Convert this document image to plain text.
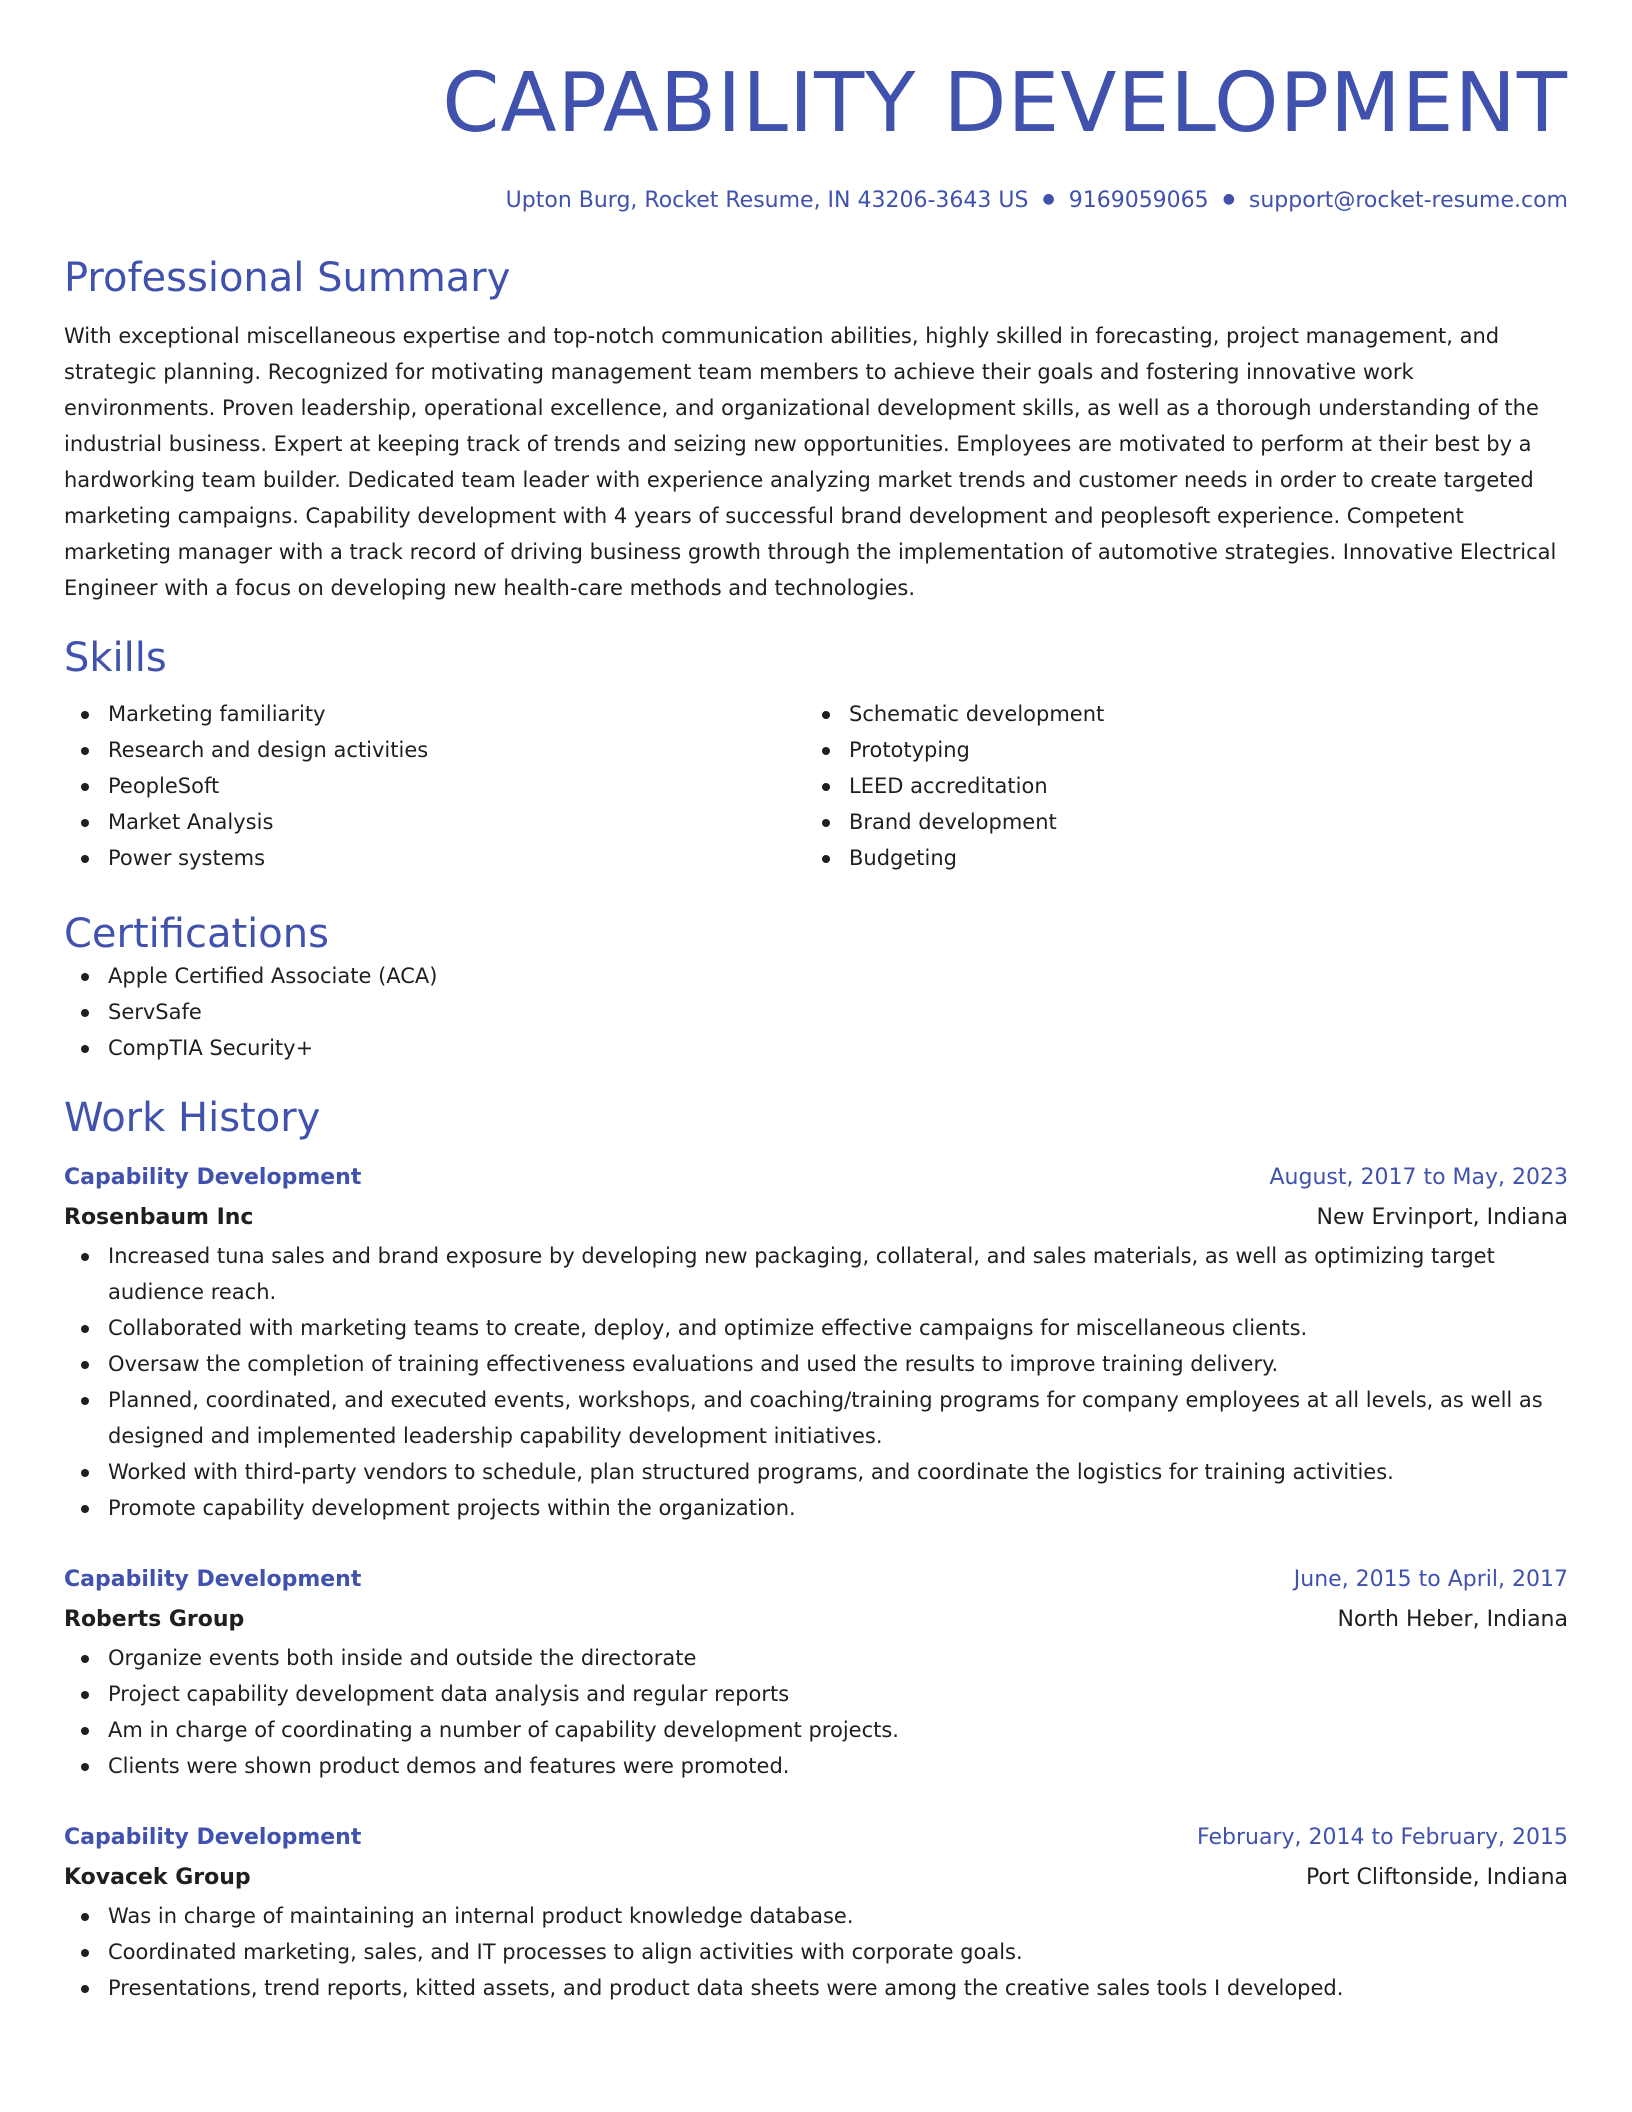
CAPABILITY DEVELOPMENT
Upton Burg, Rocket Resume, IN 43206-3643 US ● 9169059065 ● support@rocket-resume.com
Professional Summary

With exceptional miscellaneous expertise and top-notch communication abilities, highly skilled in forecasting, project management, and strategic planning. Recognized for motivating management team members to achieve their goals and fostering innovative work environments. Proven leadership, operational excellence, and organizational development skills, as well as a thorough understanding of the industrial business. Expert at keeping track of trends and seizing new opportunities. Employees are motivated to perform at their best by a hardworking team builder. Dedicated team leader with experience analyzing market trends and customer needs in order to create targeted marketing campaigns. Capability development with 4 years of successful brand development and peoplesoft experience. Competent marketing manager with a track record of driving business growth through the implementation of automotive strategies. Innovative Electrical Engineer with a focus on developing new health-care methods and technologies.

Skills
Marketing familiarity
Research and design activities
PeopleSoft
Market Analysis
Power systems
Schematic development
Prototyping
LEED accreditation
Brand development
Budgeting
Certifications
Apple Certified Associate (ACA)
ServSafe
CompTIA Security+
Work History
Capability Development	August, 2017 to May, 2023
Rosenbaum Inc	New Ervinport, Indiana
Increased tuna sales and brand exposure by developing new packaging, collateral, and sales materials, as well as optimizing target audience reach.
Collaborated with marketing teams to create, deploy, and optimize effective campaigns for miscellaneous clients.
Oversaw the completion of training effectiveness evaluations and used the results to improve training delivery.
Planned, coordinated, and executed events, workshops, and coaching/training programs for company employees at all levels, as well as designed and implemented leadership capability development initiatives.
Worked with third-party vendors to schedule, plan structured programs, and coordinate the logistics for training activities.
Promote capability development projects within the organization.
Capability Development	June, 2015 to April, 2017
Roberts Group	North Heber, Indiana
Organize events both inside and outside the directorate
Project capability development data analysis and regular reports
Am in charge of coordinating a number of capability development projects.
Clients were shown product demos and features were promoted.
Capability Development	February, 2014 to February, 2015
Kovacek Group	Port Cliftonside, Indiana
Was in charge of maintaining an internal product knowledge database.
Coordinated marketing, sales, and IT processes to align activities with corporate goals.
Presentations, trend reports, kitted assets, and product data sheets were among the creative sales tools I developed.
